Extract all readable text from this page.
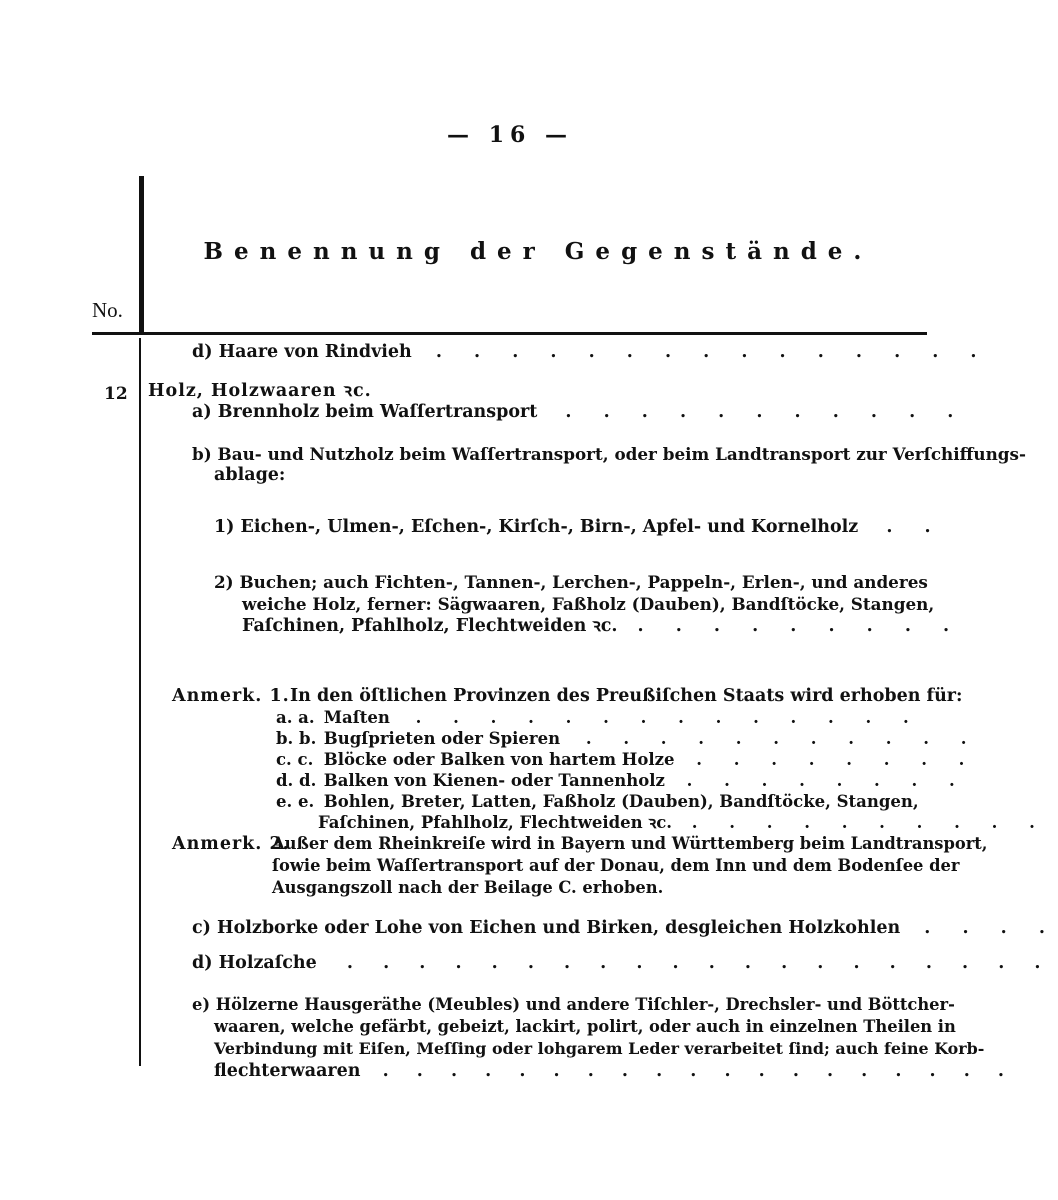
— 16 —
No.
Benennung der Gegenstände.
d) Haare von Rindvieh . . . . . . . . . . . . . . .
12 Holz, Holzwaaren ꝛc.
a) Brennholz beim Waſſertransport . . . . . . . . . . .
b) Bau- und Nutzholz beim Waſſertransport, oder beim Landtransport zur Verſchiffungs-
ablage:
1) Eichen-, Ulmen-, Eſchen-, Kirſch-, Birn-, Apfel- und Kornelholz . .
2) Buchen; auch Fichten-, Tannen-, Lerchen-, Pappeln-, Erlen-, und anderes
weiche Holz, ferner: Sägwaaren, Faßholz (Dauben), Bandſtöcke, Stangen,
Faſchinen, Pfahlholz, Flechtweiden ꝛc. . . . . . . . . .
Anmerk. 1. In den öſtlichen Provinzen des Preußiſchen Staats wird erhoben für:
a. a. Maſten . . . . . . . . . . . . . .
b. b. Bugſprieten oder Spieren . . . . . . . . . . .
c. c. Blöcke oder Balken von hartem Holze . . . . . . . .
d. d. Balken von Kienen- oder Tannenholz . . . . . . . .
e. e. Bohlen, Breter, Latten, Faßholz (Dauben), Bandſtöcke, Stangen,
Faſchinen, Pfahlholz, Flechtweiden ꝛc. . . . . . . . . . .
Anmerk. 2.
Außer dem Rheinkreiſe wird in Bayern und Württemberg beim Landtransport,
ſowie beim Waſſertransport auf der Donau, dem Inn und dem Bodenſee der
Ausgangszoll nach der Beilage C. erhoben.
c) Holzborke oder Lohe von Eichen und Birken, desgleichen Holzkohlen . . . .
d) Holzaſche . . . . . . . . . . . . . . . . . . . .
e) Hölzerne Hausgeräthe (Meubles) und andere Tiſchler-, Drechsler- und Böttcher-
waaren, welche gefärbt, gebeizt, lackirt, polirt, oder auch in einzelnen Theilen in
Verbindung mit Eiſen, Meſſing oder lohgarem Leder verarbeitet ſind; auch feine Korb-
flechterwaaren . . . . . . . . . . . . . . . . . . .
